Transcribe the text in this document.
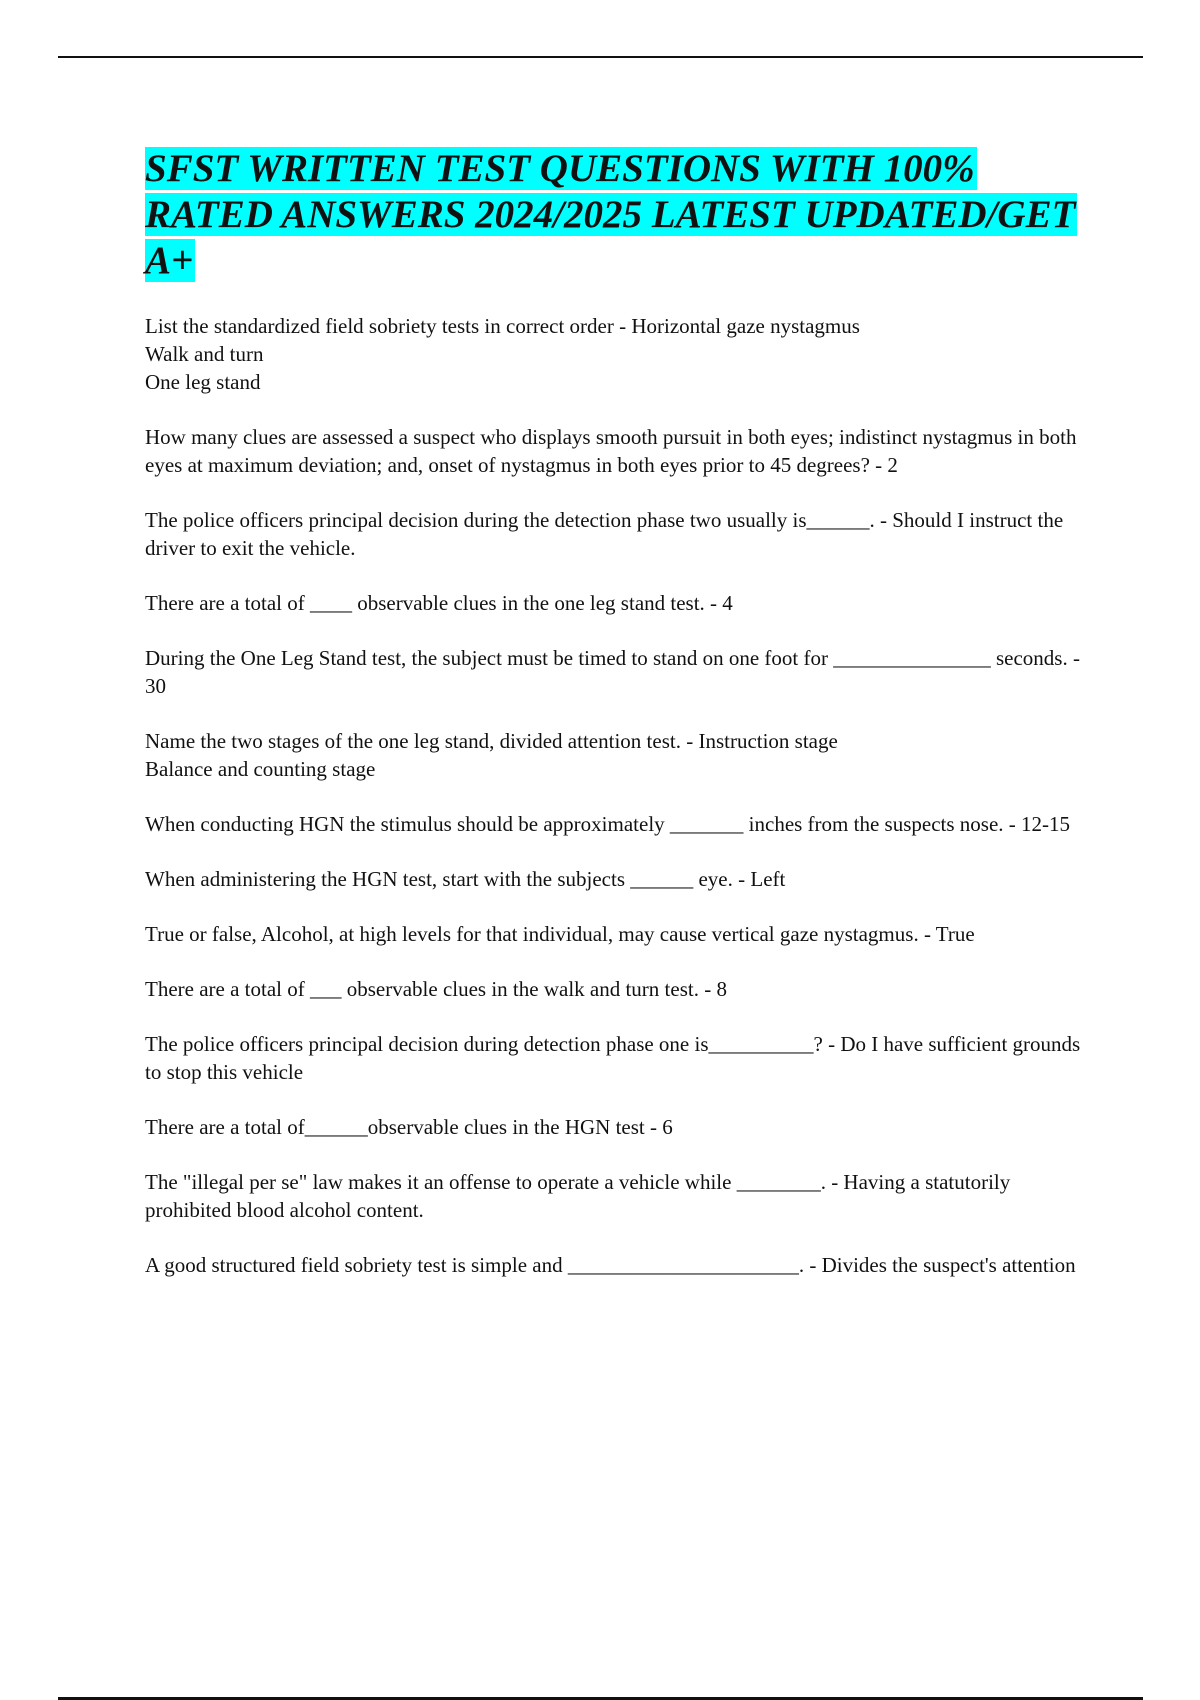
SFST WRITTEN TEST QUESTIONS WITH 100% RATED ANSWERS 2024/2025 LATEST UPDATED/GET A+

List the standardized field sobriety tests in correct order - Horizontal gaze nystagmus
Walk and turn
One leg stand

How many clues are assessed a suspect who displays smooth pursuit in both eyes; indistinct nystagmus in both eyes at maximum deviation; and, onset of nystagmus in both eyes prior to 45 degrees? - 2

The police officers principal decision during the detection phase two usually is______. - Should I instruct the driver to exit the vehicle.

There are a total of ____ observable clues in the one leg stand test. - 4

During the One Leg Stand test, the subject must be timed to stand on one foot for _______________ seconds. - 30

Name the two stages of the one leg stand, divided attention test. - Instruction stage
Balance and counting stage

When conducting HGN the stimulus should be approximately _______ inches from the suspects nose. - 12-15

When administering the HGN test, start with the subjects ______ eye. - Left

True or false, Alcohol, at high levels for that individual, may cause vertical gaze nystagmus. - True

There are a total of ___ observable clues in the walk and turn test. - 8

The police officers principal decision during detection phase one is__________? - Do I have sufficient grounds to stop this vehicle

There are a total of______observable clues in the HGN test - 6

The "illegal per se" law makes it an offense to operate a vehicle while ________. - Having a statutorily prohibited blood alcohol content.

A good structured field sobriety test is simple and ______________________. - Divides the suspect's attention
